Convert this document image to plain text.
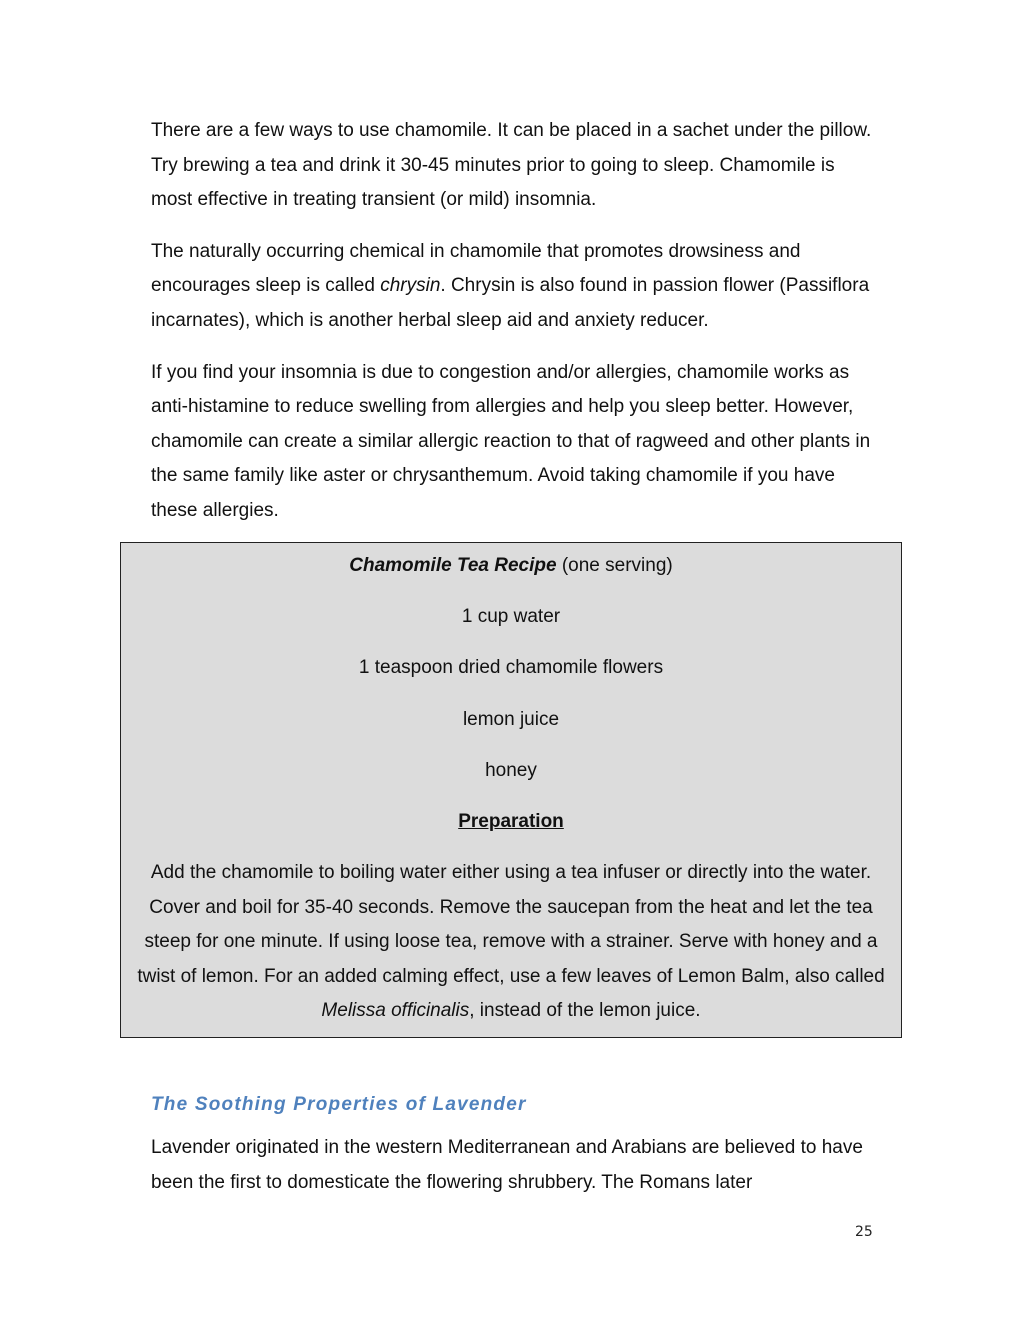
There are a few ways to use chamomile. It can be placed in a sachet under the pillow. Try brewing a tea and drink it 30-45 minutes prior to going to sleep. Chamomile is most effective in treating transient (or mild) insomnia.

The naturally occurring chemical in chamomile that promotes drowsiness and encourages sleep is called chrysin. Chrysin is also found in passion flower (Passiflora incarnates), which is another herbal sleep aid and anxiety reducer.

If you find your insomnia is due to congestion and/or allergies, chamomile works as anti-histamine to reduce swelling from allergies and help you sleep better. However, chamomile can create a similar allergic reaction to that of ragweed and other plants in the same family like aster or chrysanthemum. Avoid taking chamomile if you have these allergies.

Chamomile Tea Recipe (one serving)

1 cup water

1 teaspoon dried chamomile flowers

lemon juice

honey

Preparation

Add the chamomile to boiling water either using a tea infuser or directly into the water. Cover and boil for 35-40 seconds. Remove the saucepan from the heat and let the tea steep for one minute. If using loose tea, remove with a strainer. Serve with honey and a twist of lemon. For an added calming effect, use a few leaves of Lemon Balm, also called Melissa officinalis, instead of the lemon juice.

The Soothing Properties of Lavender

Lavender originated in the western Mediterranean and Arabians are believed to have been the first to domesticate the flowering shrubbery. The Romans later

25
